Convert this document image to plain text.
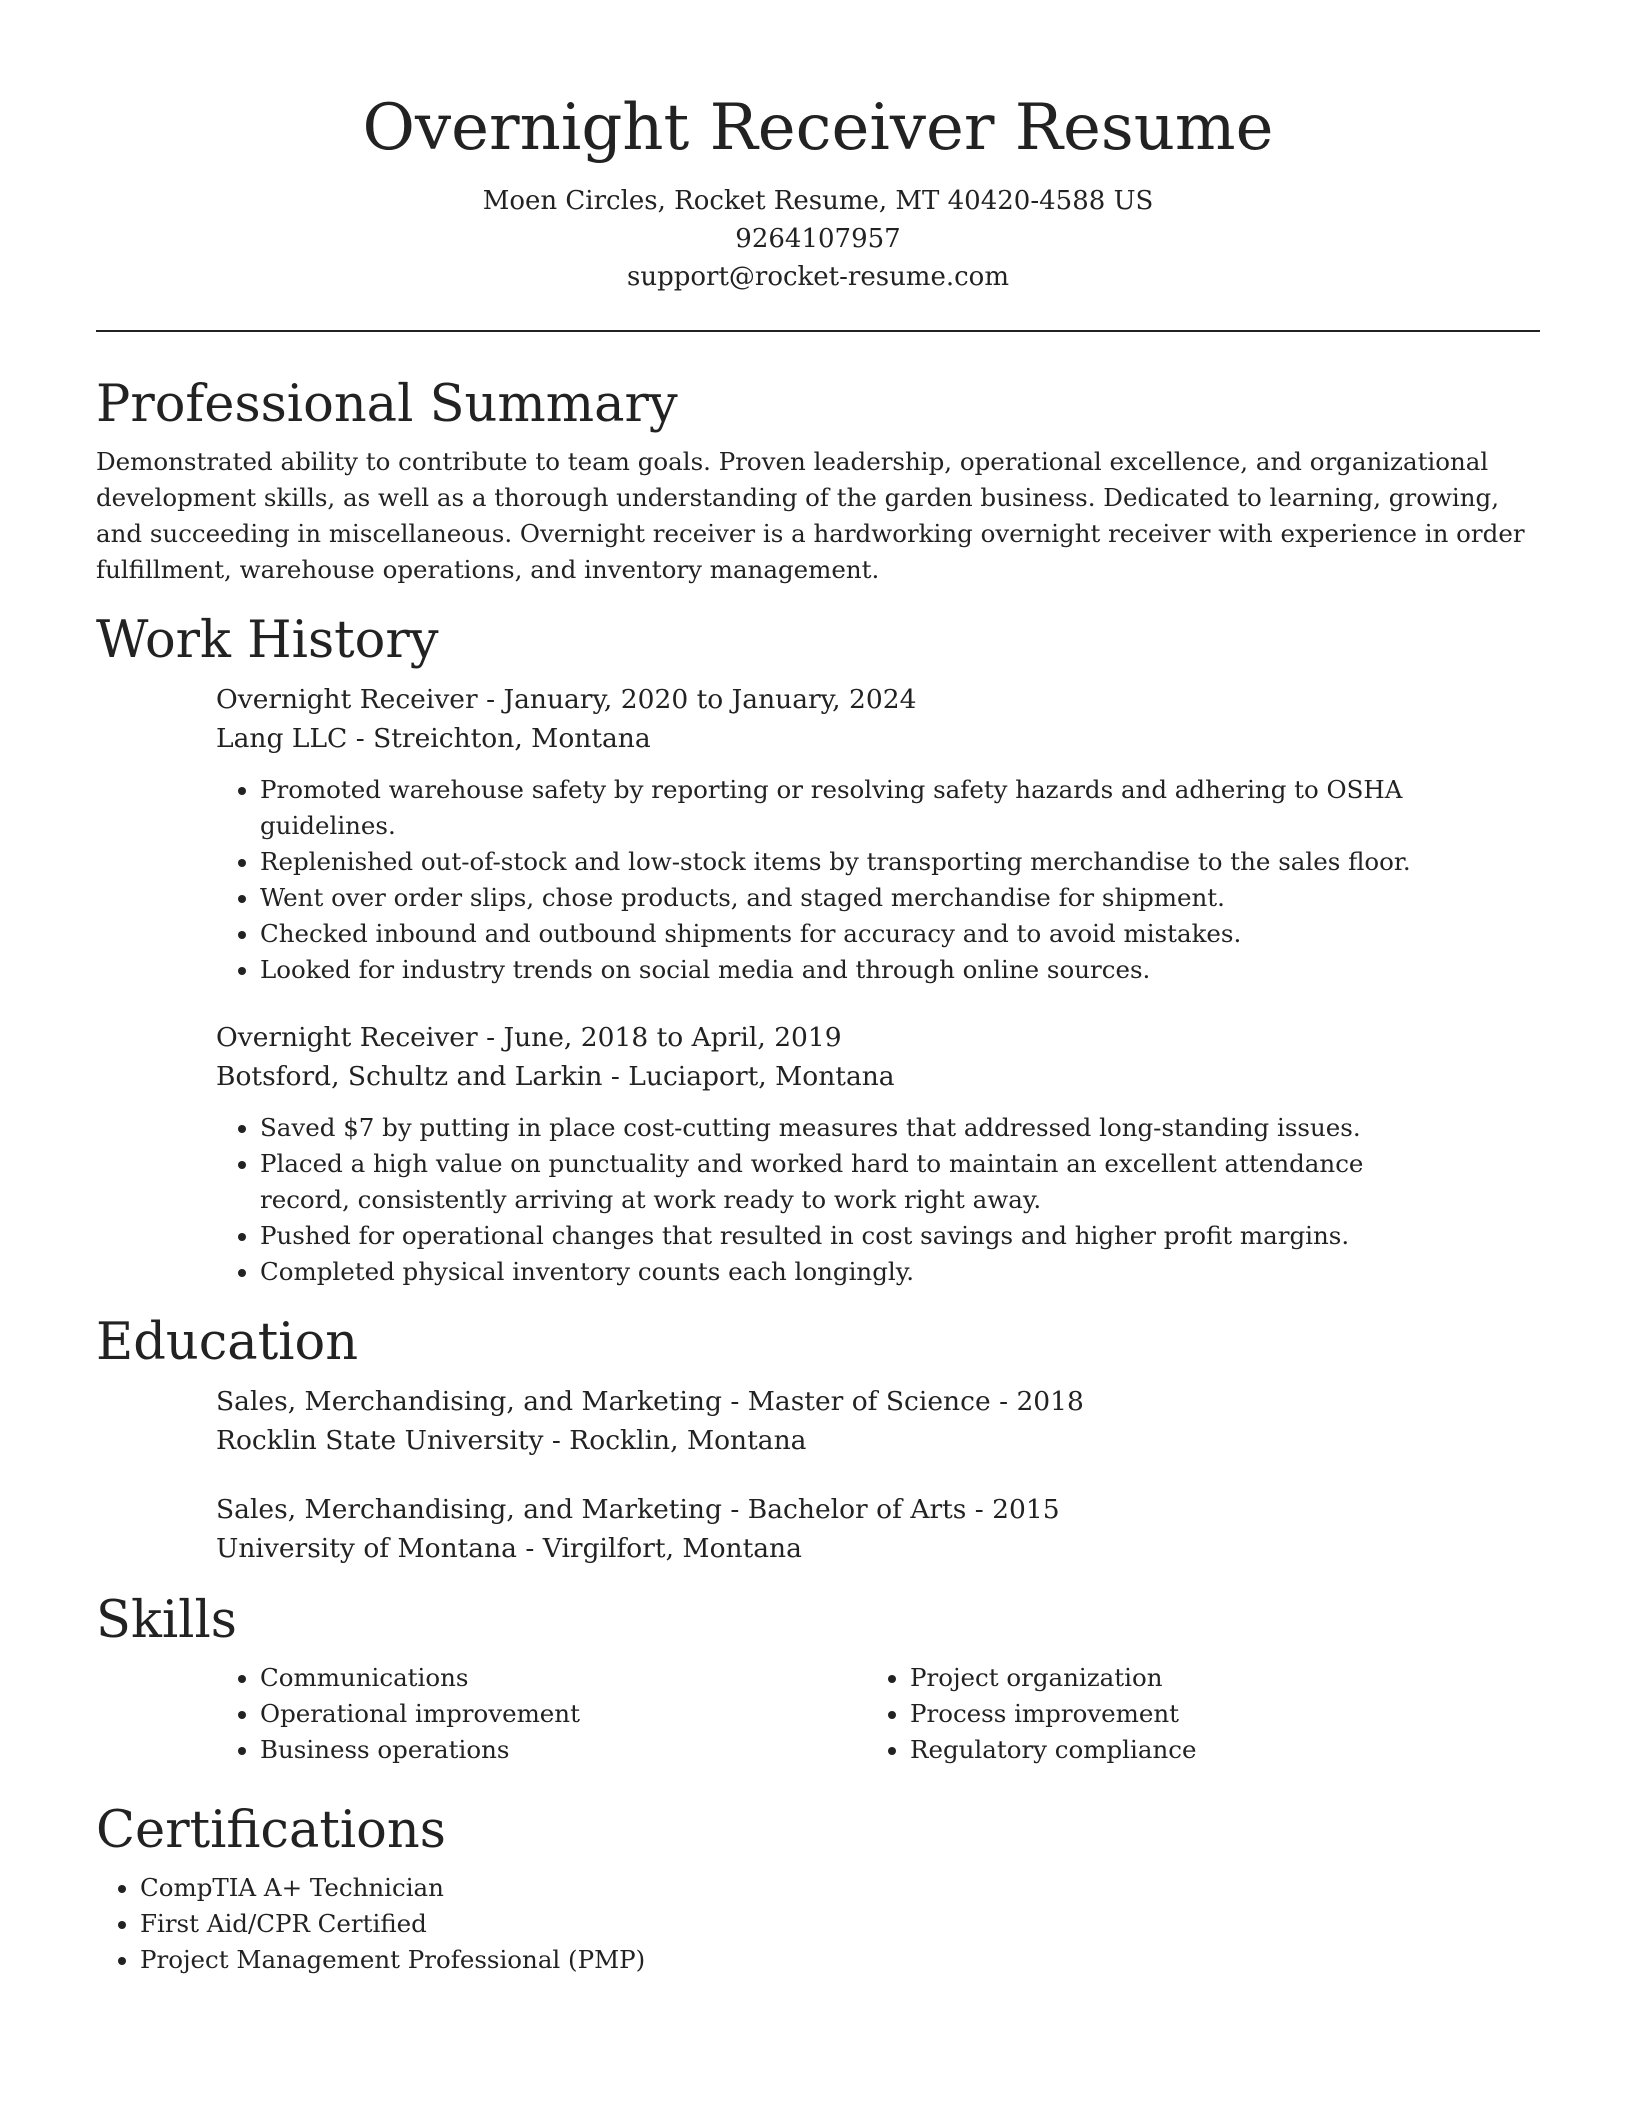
Overnight Receiver Resume

Moen Circles, Rocket Resume, MT 40420-4588 US

9264107957

support@rocket-resume.com

Professional Summary

Demonstrated ability to contribute to team goals. Proven leadership, operational excellence, and organizational development skills, as well as a thorough understanding of the garden business. Dedicated to learning, growing, and succeeding in miscellaneous. Overnight receiver is a hardworking overnight receiver with experience in order fulfillment, warehouse operations, and inventory management.

Work History

Overnight Receiver - January, 2020 to January, 2024

Lang LLC - Streichton, Montana

• Promoted warehouse safety by reporting or resolving safety hazards and adhering to OSHA guidelines.
• Replenished out-of-stock and low-stock items by transporting merchandise to the sales floor.
• Went over order slips, chose products, and staged merchandise for shipment.
• Checked inbound and outbound shipments for accuracy and to avoid mistakes.
• Looked for industry trends on social media and through online sources.

Overnight Receiver - June, 2018 to April, 2019

Botsford, Schultz and Larkin - Luciaport, Montana

• Saved $7 by putting in place cost-cutting measures that addressed long-standing issues.
• Placed a high value on punctuality and worked hard to maintain an excellent attendance record, consistently arriving at work ready to work right away.
• Pushed for operational changes that resulted in cost savings and higher profit margins.
• Completed physical inventory counts each longingly.
Education

Sales, Merchandising, and Marketing - Master of Science - 2018

Rocklin State University - Rocklin, Montana

Sales, Merchandising, and Marketing - Bachelor of Arts - 2015

University of Montana - Virgilfort, Montana

Skills
• Communications
• Operational improvement
• Business operations
• Project organization
• Process improvement
• Regulatory compliance
Certifications
• CompTIA A+ Technician
• First Aid/CPR Certified
• Project Management Professional (PMP)
